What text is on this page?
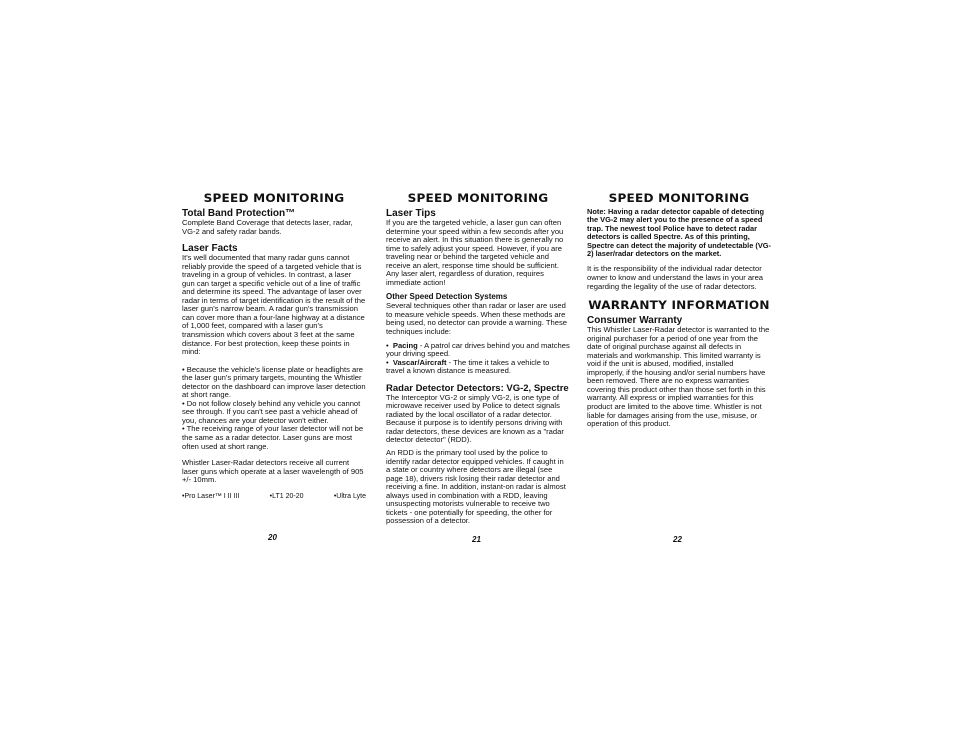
SPEED MONITORING
Total Band Protection™

Complete Band Coverage that detects laser, radar, VG-2 and safety radar bands.

Laser Facts

It's well documented that many radar guns cannot reliably provide the speed of a targeted vehicle that is traveling in a group of vehicles. In contrast, a laser gun can target a specific vehicle out of a line of traffic and determine its speed. The advantage of laser over radar in terms of target identification is the result of the laser gun's narrow beam. A radar gun's transmission can cover more than a four-lane highway at a distance of 1,000 feet, compared with a laser gun's transmission which covers about 3 feet at the same distance. For best protection, keep these points in mind:

• Because the vehicle's license plate or headlights are the laser gun's primary targets, mounting the Whistler detector on the dashboard can improve laser detection at short range.

• Do not follow closely behind any vehicle you cannot see through. If you can't see past a vehicle ahead of you, chances are your detector won't either.

• The receiving range of your laser detector will not be the same as a radar detector. Laser guns are most often used at short range.

Whistler Laser-Radar detectors receive all current laser guns which operate at a laser wavelength of 905 +/- 10mm.

•Pro Laser™ I II III	•LT1 20-20	•Ultra Lyte
SPEED MONITORING
Laser Tips

If you are the targeted vehicle, a laser gun can often determine your speed within a few seconds after you receive an alert. In this situation there is generally no time to safely adjust your speed. However, if you are traveling near or behind the targeted vehicle and receive an alert, response time should be sufficient. Any laser alert, regardless of duration, requires immediate action!

Other Speed Detection Systems

Several techniques other than radar or laser are used to measure vehicle speeds. When these methods are being used, no detector can provide a warning. These techniques include:

•  Pacing - A patrol car drives behind you and matches your driving speed.

•  Vascar/Aircraft - The time it takes a vehicle to travel a known distance is measured.

Radar Detector Detectors: VG-2, Spectre

The Interceptor VG-2 or simply VG-2, is one type of microwave receiver used by Police to detect signals radiated by the local oscillator of a radar detector. Because it purpose is to identify persons driving with radar detectors, these devices are known as a "radar detector detector" (RDD).

An RDD is the primary tool used by the police to identify radar detector equipped vehicles. If caught in a state or country where detectors are illegal (see page 18), drivers risk losing their radar detector and receiving a fine. In addition, instant-on radar is almost always used in combination with a RDD, leaving unsuspecting motorists vulnerable to receive two tickets - one potentially for speeding, the other for possession of a detector.

SPEED MONITORING

Note: Having a radar detector capable of detecting the VG-2 may alert you to the presence of a speed trap. The newest tool Police have to detect radar detectors is called Spectre. As of this printing, Spectre can detect the majority of undetectable (VG-2) laser/radar detectors on the market.

It is the responsibility of the individual radar detector owner to know and understand the laws in your area regarding the legality of the use of radar detectors.

WARRANTY INFORMATION
Consumer Warranty

This Whistler Laser-Radar detector is warranted to the original purchaser for a period of one year from the date of original purchase against all defects in materials and workmanship. This limited warranty is void if the unit is abused, modified, installed improperly, if the housing and/or serial numbers have been removed. There are no express warranties covering this product other than those set forth in this warranty. All express or implied warranties for this product are limited to the above time. Whistler is not liable for damages arising from the use, misuse, or operation of this product.

20	21	22
